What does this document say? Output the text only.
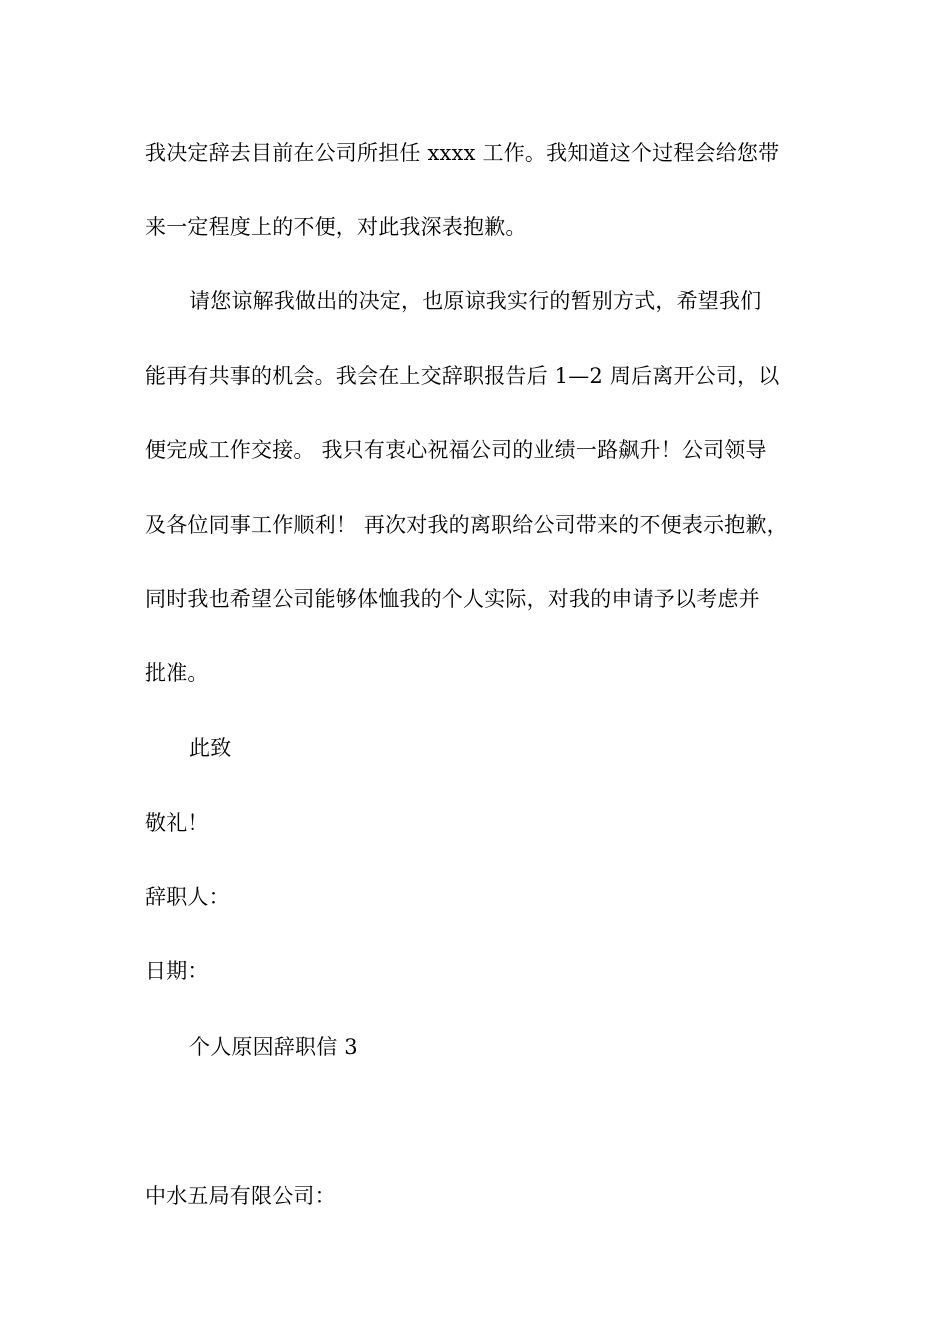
我决定辞去目前在公司所担任 xxxx 工作。我知道这个过程会给您带
来一定程度上的不便，对此我深表抱歉。
请您谅解我做出的决定，也原谅我实行的暂别方式，希望我们
能再有共事的机会。我会在上交辞职报告后 1—2 周后离开公司，以
便完成工作交接。 我只有衷心祝福公司的业绩一路飙升！公司领导
及各位同事工作顺利！ 再次对我的离职给公司带来的不便表示抱歉，
同时我也希望公司能够体恤我的个人实际，对我的申请予以考虑并
批准。
此致
敬礼！
辞职人：
日期：
个人原因辞职信 3
中水五局有限公司：
